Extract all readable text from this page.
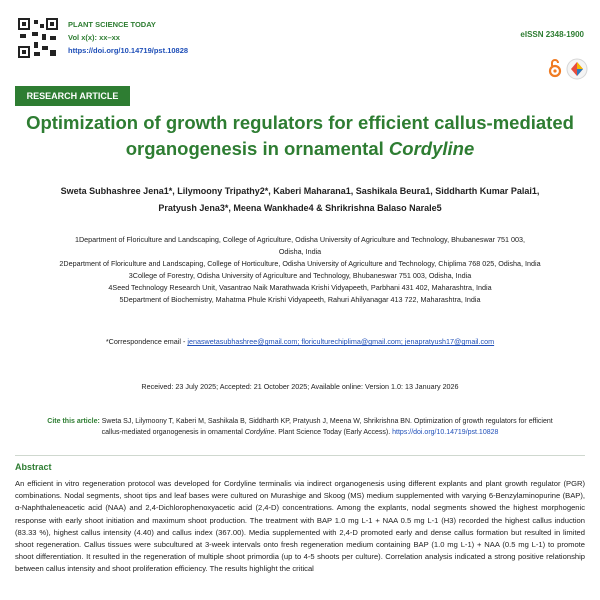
PLANT SCIENCE TODAY
Vol x(x): xx–xx
https://doi.org/10.14719/pst.10828
eISSN 2348-1900
RESEARCH ARTICLE
Optimization of growth regulators for efficient callus-mediated
organogenesis in ornamental Cordyline
Sweta Subhashree Jena1*, Lilymoony Tripathy2*, Kaberi Maharana1, Sashikala Beura1, Siddharth Kumar Palai1,
Pratyush Jena3*, Meena Wankhade4 & Shrikrishna Balaso Narale5
1Department of Floriculture and Landscaping, College of Agriculture, Odisha University of Agriculture and Technology, Bhubaneswar 751 003,
Odisha, India
2Department of Floriculture and Landscaping, College of Horticulture, Odisha University of Agriculture and Technology, Chiplima 768 025, Odisha, India
3College of Forestry, Odisha University of Agriculture and Technology, Bhubaneswar 751 003, Odisha, India
4Seed Technology Research Unit, Vasantrao Naik Marathwada Krishi Vidyapeeth, Parbhani 431 402, Maharashtra, India
5Department of Biochemistry, Mahatma Phule Krishi Vidyapeeth, Rahuri Ahilyanagar 413 722, Maharashtra, India
*Correspondence email - jenaswetasubhashree@gmail.com; floriculturechiplima@gmail.com; jenapratyush17@gmail.com
Received: 23 July 2025; Accepted: 21 October 2025; Available online: Version 1.0: 13 January 2026
Cite this article: Sweta SJ, Lilymoony T, Kaberi M, Sashikala B, Siddharth KP, Pratyush J, Meena W, Shrikrishna BN. Optimization of growth regulators for efficient callus-mediated organogenesis in ornamental Cordyline. Plant Science Today (Early Access). https://doi.org/10.14719/pst.10828
Abstract
An efficient in vitro regeneration protocol was developed for Cordyline terminalis via indirect organogenesis using different explants and plant growth regulator (PGR) combinations. Nodal segments, shoot tips and leaf bases were cultured on Murashige and Skoog (MS) medium supplemented with varying 6-Benzylaminopurine (BAP), α-Naphthaleneacetic acid (NAA) and 2,4-Dichlorophenoxyacetic acid (2,4-D) concentrations. Among the explants, nodal segments showed the highest morphogenic response with early shoot initiation and maximum shoot production. The treatment with BAP 1.0 mg L-1 + NAA 0.5 mg L-1 (H3) recorded the highest callus induction (83.33 %), highest callus intensity (4.40) and callus index (367.00). Media supplemented with 2,4-D promoted early and dense callus formation but resulted in limited shoot regeneration. Callus tissues were subcultured at 3-week intervals onto fresh regeneration medium containing BAP (1.0 mg L-1) + NAA (0.5 mg L-1) to promote shoot differentiation. It resulted in the regeneration of multiple shoot primordia (up to 4-5 shoots per culture). Correlation analysis indicated a strong positive relationship between callus intensity and shoot proliferation efficiency. The results highlight the critical
